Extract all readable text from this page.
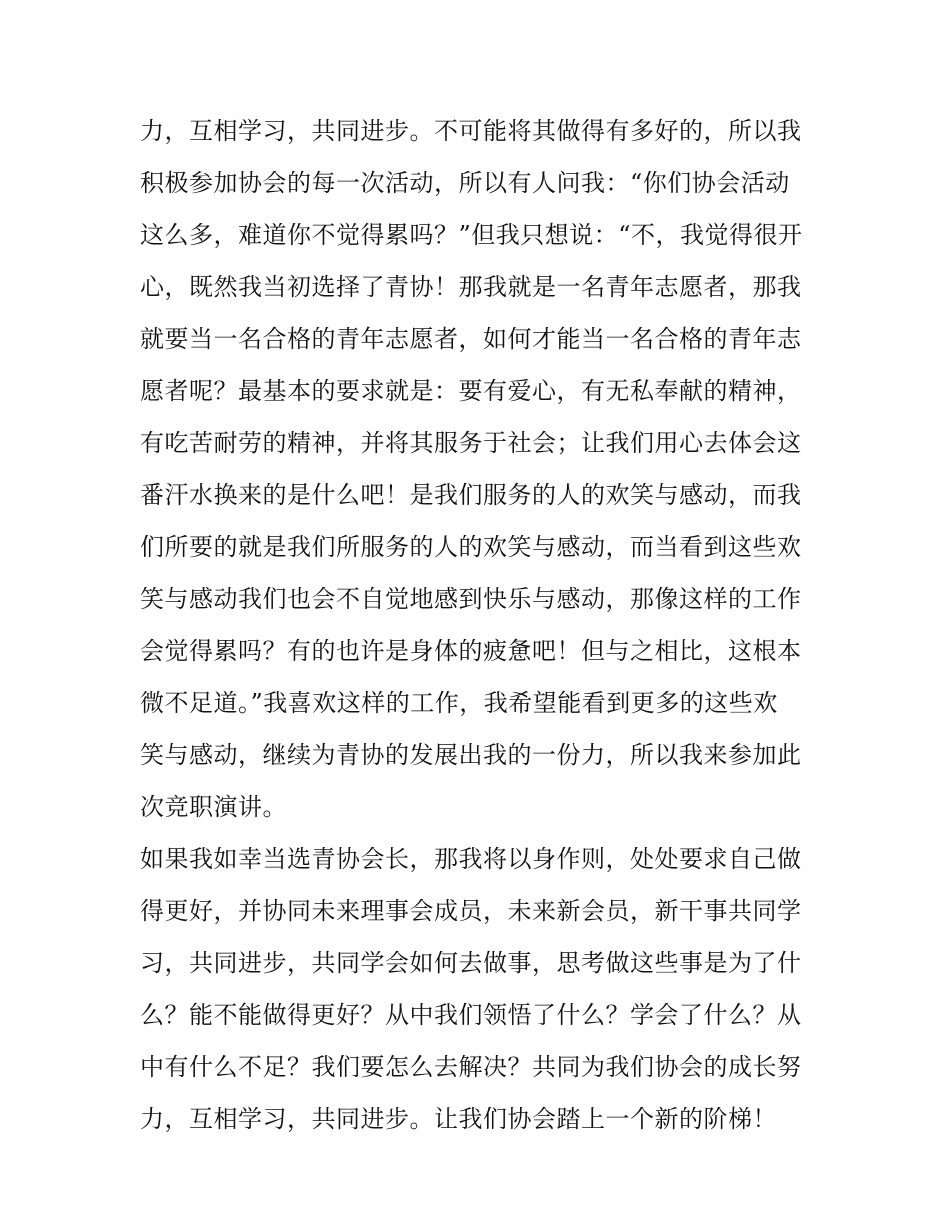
力，互相学习，共同进步。不可能将其做得有多好的，所以我
积极参加协会的每一次活动，所以有人问我：“你们协会活动
这么多，难道你不觉得累吗？”但我只想说：“不，我觉得很开
心，既然我当初选择了青协！那我就是一名青年志愿者，那我
就要当一名合格的青年志愿者，如何才能当一名合格的青年志
愿者呢？最基本的要求就是：要有爱心，有无私奉献的精神，
有吃苦耐劳的精神，并将其服务于社会；让我们用心去体会这
番汗水换来的是什么吧！是我们服务的人的欢笑与感动，而我
们所要的就是我们所服务的人的欢笑与感动，而当看到这些欢
笑与感动我们也会不自觉地感到快乐与感动，那像这样的工作
会觉得累吗？有的也许是身体的疲惫吧！但与之相比，这根本
微不足道。”我喜欢这样的工作，我希望能看到更多的这些欢
笑与感动，继续为青协的发展出我的一份力，所以我来参加此
次竞职演讲。
如果我如幸当选青协会长，那我将以身作则，处处要求自己做
得更好，并协同未来理事会成员，未来新会员，新干事共同学
习，共同进步，共同学会如何去做事，思考做这些事是为了什
么？能不能做得更好？从中我们领悟了什么？学会了什么？从
中有什么不足？我们要怎么去解决？共同为我们协会的成长努
力，互相学习，共同进步。让我们协会踏上一个新的阶梯！
